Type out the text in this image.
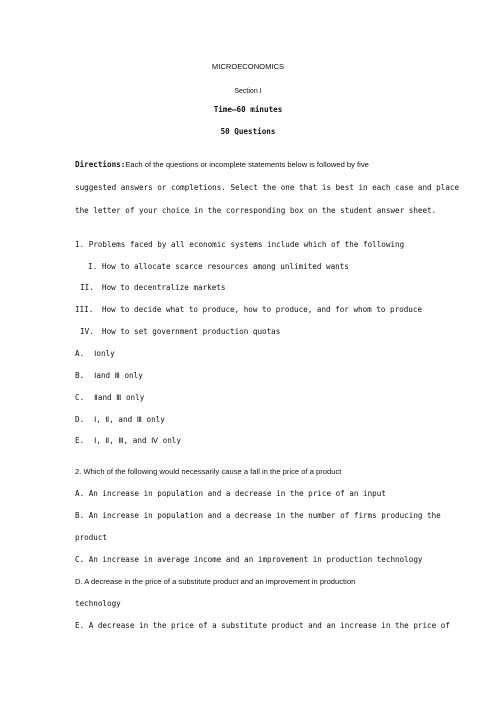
MICROECONOMICS
Section I
Time—60 minutes
50 Questions
Directions:Each of the questions or incomplete statements below is followed by five
suggested answers or completions. Select the one that is best in each case and place
the letter of your choice in the corresponding box on the student answer sheet.
1. Problems faced by all economic systems include which of the following
I. How to allocate scarce resources among unlimited wants
II. How to decentralize markets
III. How to decide what to produce, how to produce, and for whom to produce
IV. How to set government production quotas
A. Ⅰonly
B. Ⅰand Ⅲ only
C. Ⅱand Ⅲ only
D. Ⅰ, Ⅱ, and Ⅲ only
E. Ⅰ, Ⅱ, Ⅲ, and Ⅳ only
2. Which of the following would necessarily cause a fall in the price of a product
A. An increase in population and a decrease in the price of an input
B. An increase in population and a decrease in the number of firms producing the
product
C. An increase in average income and an improvement in production technology
D. A decrease in the price of a substitute product and an improvement in production
technology
E. A decrease in the price of a substitute product and an increase in the price of
